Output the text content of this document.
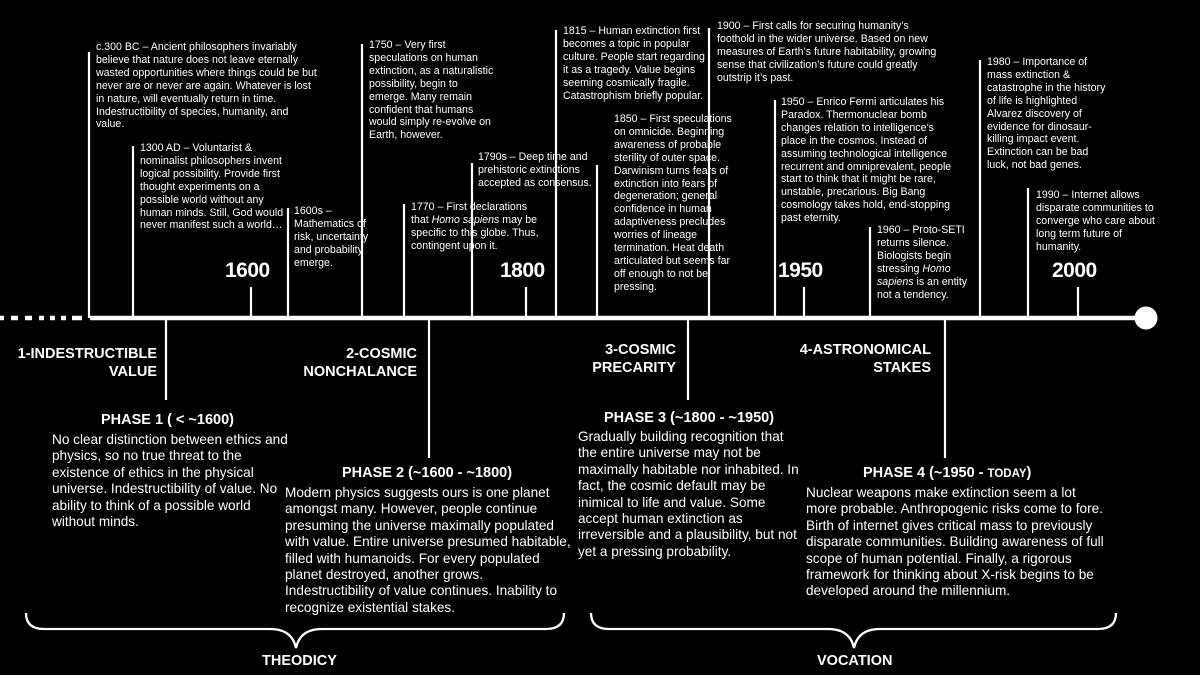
1600	1800	1950	2000
c.300 BC – Ancient philosophers invariably believe that nature does not leave eternally wasted opportunities where things could be but never are or never are again. Whatever is lost in nature, will eventually return in time. Indestructibility of species, humanity, and value.
1300 AD – Voluntarist & nominalist philosophers invent logical possibility. Provide first thought experiments on a possible world without any human minds. Still, God would never manifest such a world…
1600s – Mathematics of risk, uncertainty and probability emerge.
1750 – Very first speculations on human extinction, as a naturalistic possibility, begin to emerge. Many remain confident that humans would simply re-evolve on Earth, however.
1770 – First declarations that Homo sapiens may be specific to this globe. Thus, contingent upon it.
1790s – Deep time and prehistoric extinctions accepted as consensus.
1815 – Human extinction first becomes a topic in popular culture. People start regarding it as a tragedy. Value begins seeming cosmically fragile. Catastrophism briefly popular.
1850 – First speculations on omnicide. Beginning awareness of probable sterility of outer space. Darwinism turns fears of extinction into fears of degeneration; general confidence in human adaptiveness precludes worries of lineage termination. Heat death articulated but seems far off enough to not be pressing.
1900 – First calls for securing humanity’s foothold in the wider universe. Based on new measures of Earth’s future habitability, growing sense that civilization’s future could greatly outstrip it’s past.
1950 – Enrico Fermi articulates his Paradox. Thermonuclear bomb changes relation to intelligence’s place in the cosmos. Instead of assuming technological intelligence recurrent and omniprevalent, people start to think that it might be rare, unstable, precarious. Big Bang cosmology takes hold, end-stopping past eternity.
1960 – Proto-SETI returns silence. Biologists begin stressing Homo sapiens is an entity not a tendency.
1980 – Importance of mass extinction & catastrophe in the history of life is highlighted Alvarez discovery of evidence for dinosaur-killing impact event. Extinction can be bad luck, not bad genes.
1990 – Internet allows disparate communities to converge who care about long term future of humanity.
1-INDESTRUCTIBLE
VALUE
2-COSMIC
NONCHALANCE
3-COSMIC
PRECARITY
4-ASTRONOMICAL
STAKES
PHASE 1 ( < ~1600)
No clear distinction between ethics and physics, so no true threat to the existence of ethics in the physical universe. Indestructibility of value. No ability to think of a possible world without minds.
PHASE 2 (~1600 - ~1800)
Modern physics suggests ours is one planet amongst many. However, people continue presuming the universe maximally populated with value. Entire universe presumed habitable, filled with humanoids. For every populated planet destroyed, another grows. Indestructibility of value continues. Inability to recognize existential stakes.
PHASE 3 (~1800 - ~1950)
Gradually building recognition that the entire universe may not be maximally habitable nor inhabited. In fact, the cosmic default may be inimical to life and value. Some accept human extinction as irreversible and a plausibility, but not yet a pressing probability.
PHASE 4 (~1950 - TODAY)
Nuclear weapons make extinction seem a lot more probable. Anthropogenic risks come to fore. Birth of internet gives critical mass to previously disparate communities. Building awareness of full scope of human potential. Finally, a rigorous framework for thinking about X-risk begins to be developed around the millennium.
THEODICY	VOCATION
